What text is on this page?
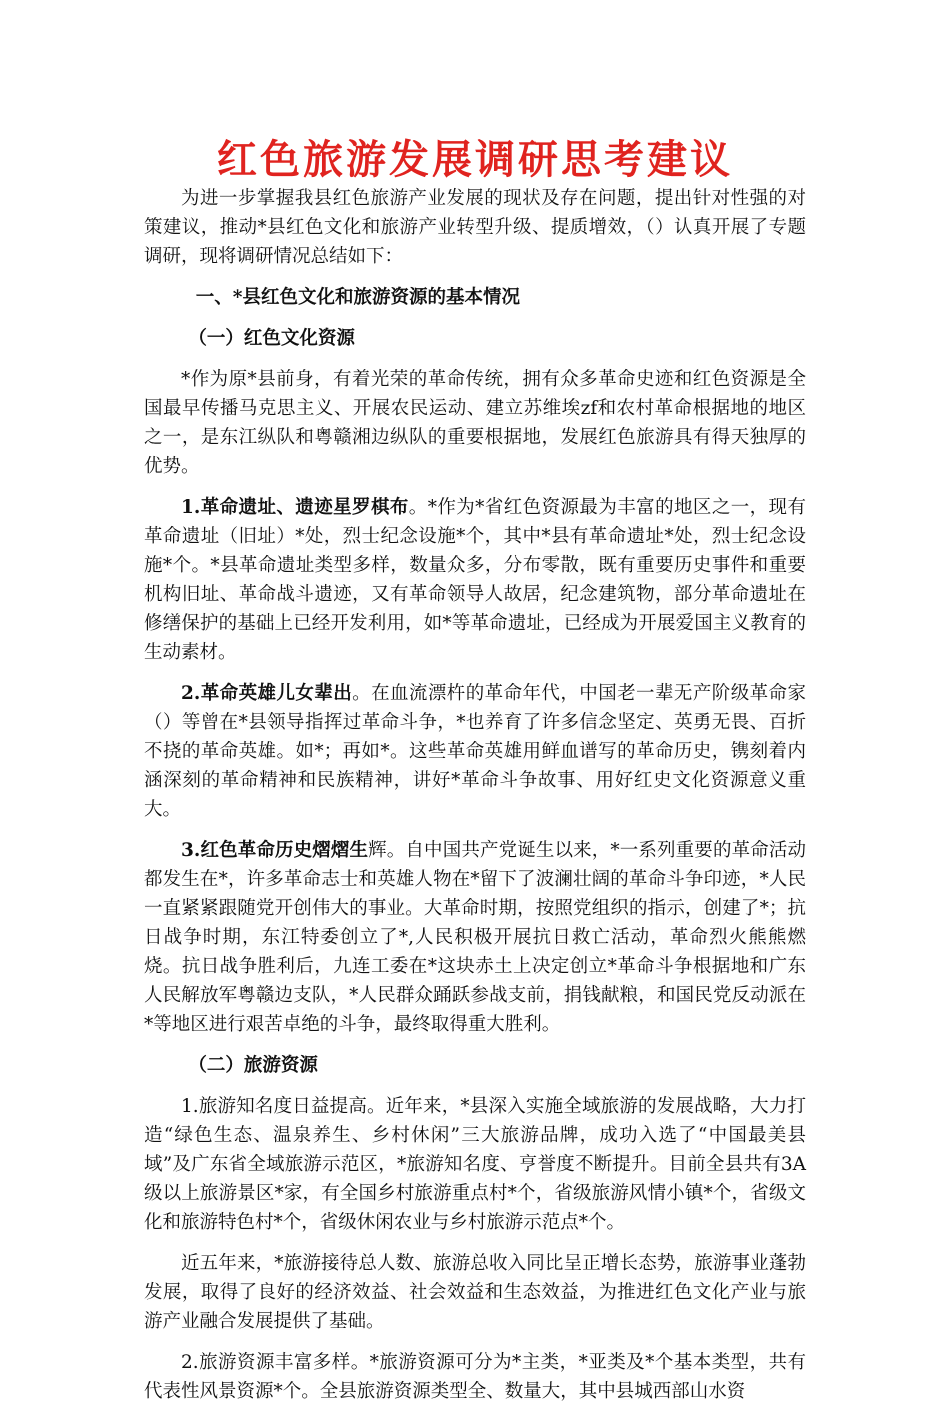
红色旅游发展调研思考建议

为进一步掌握我县红色旅游产业发展的现状及存在问题，提出针对性强的对策建议，推动*县红色文化和旅游产业转型升级、提质增效，（）认真开展了专题调研，现将调研情况总结如下：

一、*县红色文化和旅游资源的基本情况

（一）红色文化资源

*作为原*县前身，有着光荣的革命传统，拥有众多革命史迹和红色资源是全国最早传播马克思主义、开展农民运动、建立苏维埃zf和农村革命根据地的地区之一，是东江纵队和粤赣湘边纵队的重要根据地，发展红色旅游具有得天独厚的优势。

1.革命遗址、遗迹星罗棋布。*作为*省红色资源最为丰富的地区之一，现有革命遗址（旧址）*处，烈士纪念设施*个，其中*县有革命遗址*处，烈士纪念设施*个。*县革命遗址类型多样，数量众多，分布零散，既有重要历史事件和重要机构旧址、革命战斗遗迹，又有革命领导人故居，纪念建筑物，部分革命遗址在修缮保护的基础上已经开发利用，如*等革命遗址，已经成为开展爱国主义教育的生动素材。

2.革命英雄儿女辈出。在血流漂杵的革命年代，中国老一辈无产阶级革命家（）等曾在*县领导指挥过革命斗争，*也养育了许多信念坚定、英勇无畏、百折不挠的革命英雄。如*；再如*。这些革命英雄用鲜血谱写的革命历史，镌刻着内涵深刻的革命精神和民族精神，讲好*革命斗争故事、用好红史文化资源意义重大。

3.红色革命历史熠熠生辉。自中国共产党诞生以来，*一系列重要的革命活动都发生在*，许多革命志士和英雄人物在*留下了波澜壮阔的革命斗争印迹，*人民一直紧紧跟随党开创伟大的事业。大革命时期，按照党组织的指示，创建了*；抗日战争时期，东江特委创立了*,人民积极开展抗日救亡活动，革命烈火熊熊燃烧。抗日战争胜利后，九连工委在*这块赤土上决定创立*革命斗争根据地和广东人民解放军粤赣边支队，*人民群众踊跃参战支前，捐钱献粮，和国民党反动派在*等地区进行艰苦卓绝的斗争，最终取得重大胜利。

（二）旅游资源

1.旅游知名度日益提高。近年来，*县深入实施全域旅游的发展战略，大力打造“绿色生态、温泉养生、乡村休闲”三大旅游品牌，成功入选了“中国最美县域”及广东省全域旅游示范区，*旅游知名度、亨誉度不断提升。目前全县共有3A级以上旅游景区*家，有全国乡村旅游重点村*个，省级旅游风情小镇*个，省级文化和旅游特色村*个，省级休闲农业与乡村旅游示范点*个。

近五年来，*旅游接待总人数、旅游总收入同比呈正增长态势，旅游事业蓬勃发展，取得了良好的经济效益、社会效益和生态效益，为推进红色文化产业与旅游产业融合发展提供了基础。

2.旅游资源丰富多样。*旅游资源可分为*主类，*亚类及*个基本类型，共有代表性风景资源*个。全县旅游资源类型全、数量大，其中县城西部山水资
